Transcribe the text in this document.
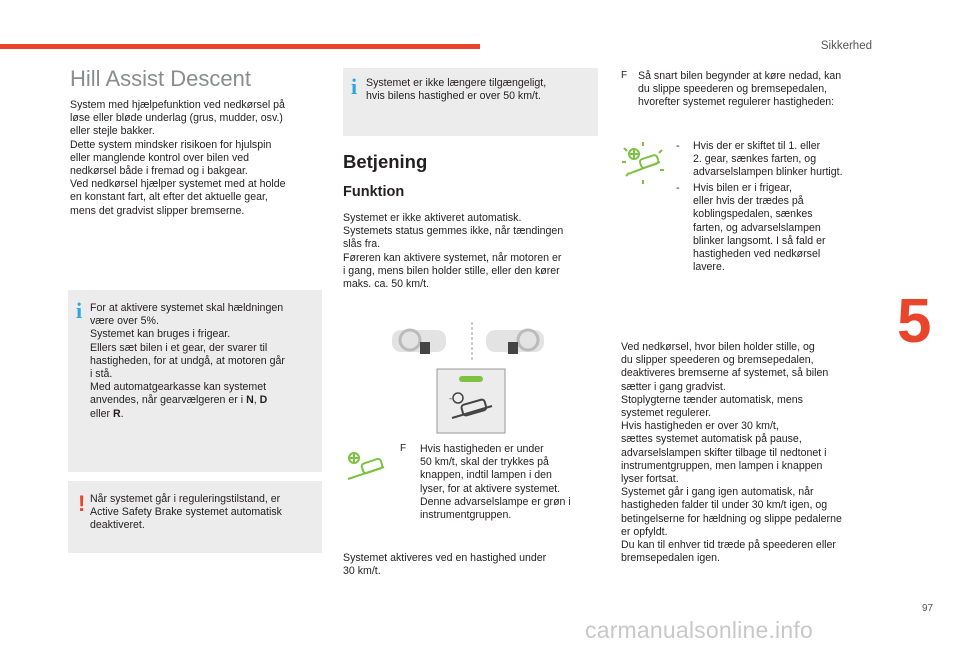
Sikkerhed
Hill Assist Descent
System med hjælpefunktion ved nedkørsel på
løse eller bløde underlag (grus, mudder, osv.)
eller stejle bakker.
Dette system mindsker risikoen for hjulspin
eller manglende kontrol over bilen ved
nedkørsel både i fremad og i bakgear.
Ved nedkørsel hjælper systemet med at holde
en konstant fart, alt efter det aktuelle gear,
mens det gradvist slipper bremserne.
i For at aktivere systemet skal hældningen
være over 5%.
Systemet kan bruges i frigear.
Ellers sæt bilen i et gear, der svarer til
hastigheden, for at undgå, at motoren går
i stå.
Med automatgearkasse kan systemet
anvendes, når gearvælgeren er i N, D
eller R.
! Når systemet går i reguleringstilstand, er
Active Safety Brake systemet automatisk
deaktiveret.
i Systemet er ikke længere tilgængeligt,
hvis bilens hastighed er over 50 km/t.
Betjening
Funktion
Systemet er ikke aktiveret automatisk.
Systemets status gemmes ikke, når tændingen
slås fra.
Føreren kan aktivere systemet, når motoren er
i gang, mens bilen holder stille, eller den kører
maks. ca. 50 km/t.
-
F Hvis hastigheden er under
50 km/t, skal der trykkes på
knappen, indtil lampen i den
lyser, for at aktivere systemet.
Denne advarselslampe er grøn i
instrumentgruppen.
Systemet aktiveres ved en hastighed under
30 km/t.
F Så snart bilen begynder at køre nedad, kan
du slippe speederen og bremsepedalen,
hvorefter systemet regulerer hastigheden:
- Hvis der er skiftet til 1. eller
2. gear, sænkes farten, og
advarselslampen blinker hurtigt.
- Hvis bilen er i frigear,
eller hvis der trædes på
koblingspedalen, sænkes
farten, og advarselslampen
blinker langsomt. I så fald er
hastigheden ved nedkørsel
lavere.
Ved nedkørsel, hvor bilen holder stille, og
du slipper speederen og bremsepedalen,
deaktiveres bremserne af systemet, så bilen
sætter i gang gradvist.
Stoplygterne tænder automatisk, mens
systemet regulerer.
Hvis hastigheden er over 30 km/t,
sættes systemet automatisk på pause,
advarselslampen skifter tilbage til nedtonet i
instrumentgruppen, men lampen i knappen
lyser fortsat.
Systemet går i gang igen automatisk, når
hastigheden falder til under 30 km/t igen, og
betingelserne for hældning og slippe pedalerne
er opfyldt.
Du kan til enhver tid træde på speederen eller
bremsepedalen igen.
5
97
carmanualsonline.info
